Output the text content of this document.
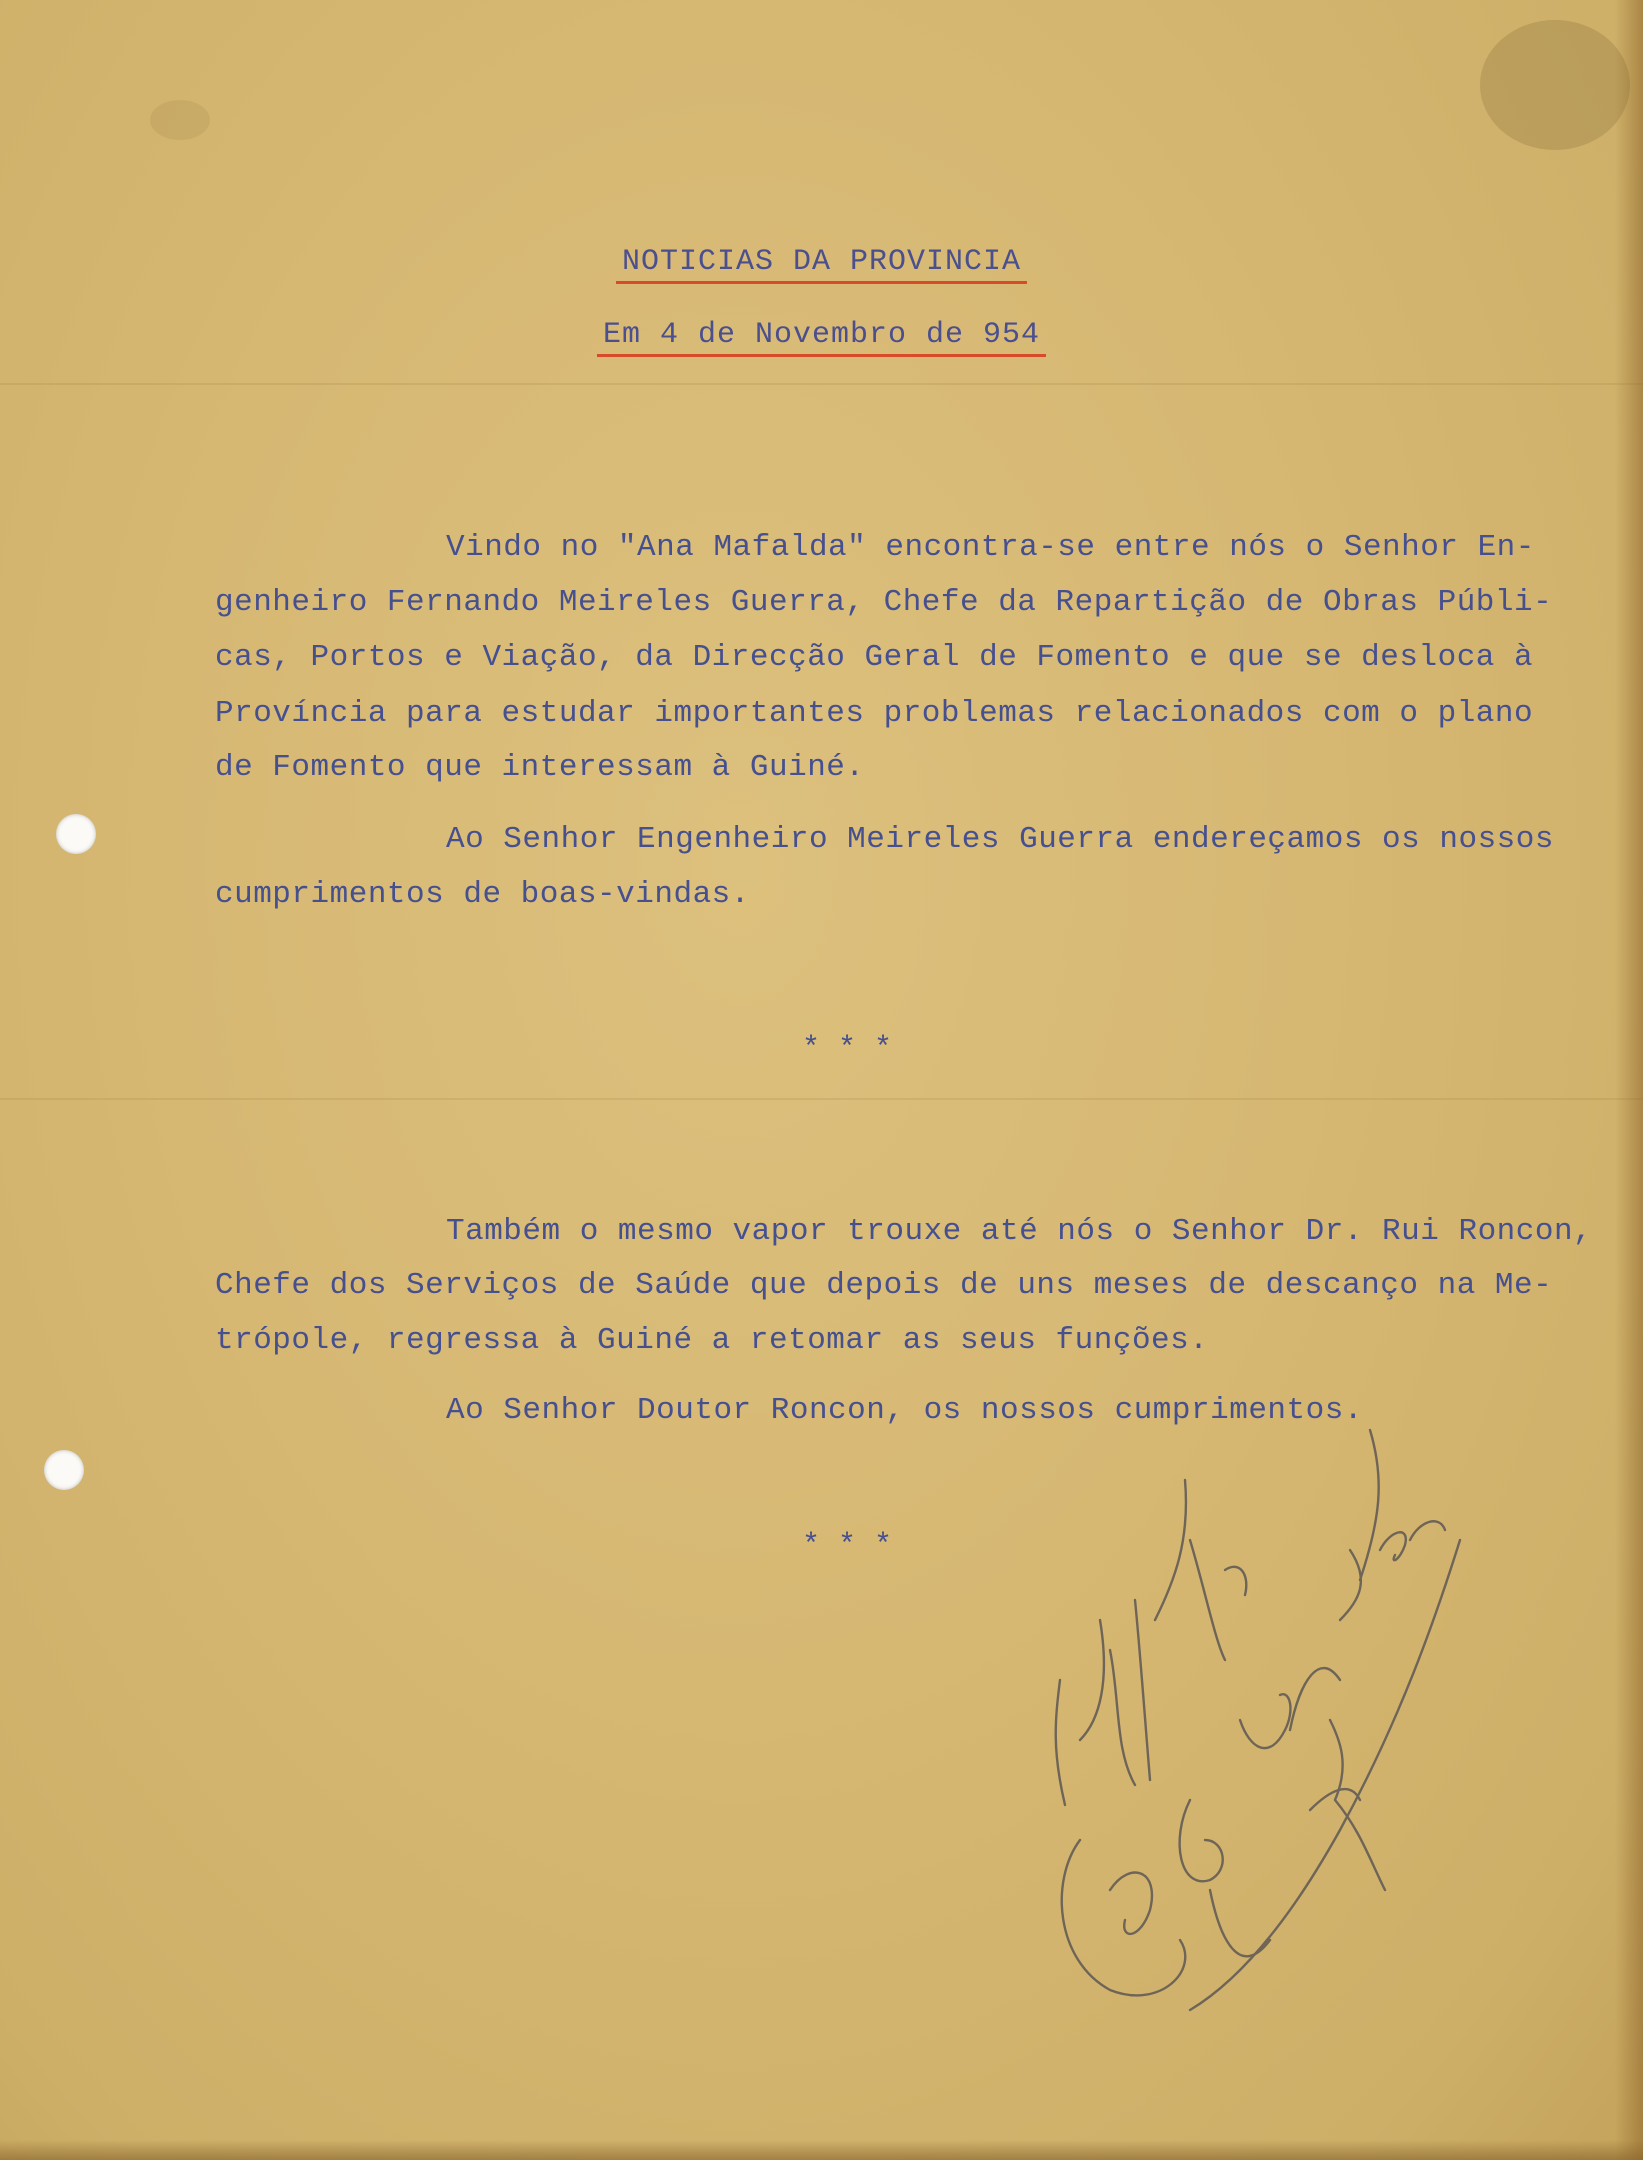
NOTICIAS DA PROVINCIA
Em 4 de Novembro de 954
Vindo no "Ana Mafalda" encontra-se entre nós o Senhor En-
genheiro Fernando Meireles Guerra, Chefe da Repartição de Obras Públi-
cas, Portos e Viação, da Direcção Geral de Fomento e que se desloca à
Província para estudar importantes problemas relacionados com o plano
de Fomento que interessam à Guiné.
Ao Senhor Engenheiro Meireles Guerra endereçamos os nossos
cumprimentos de boas-vindas.
* * *
Também o mesmo vapor trouxe até nós o Senhor Dr. Rui Roncon,
Chefe dos Serviços de Saúde que depois de uns meses de descanço na Me-
trópole, regressa à Guiné a retomar as seus funções.
Ao Senhor Doutor Roncon, os nossos cumprimentos.
* * *
